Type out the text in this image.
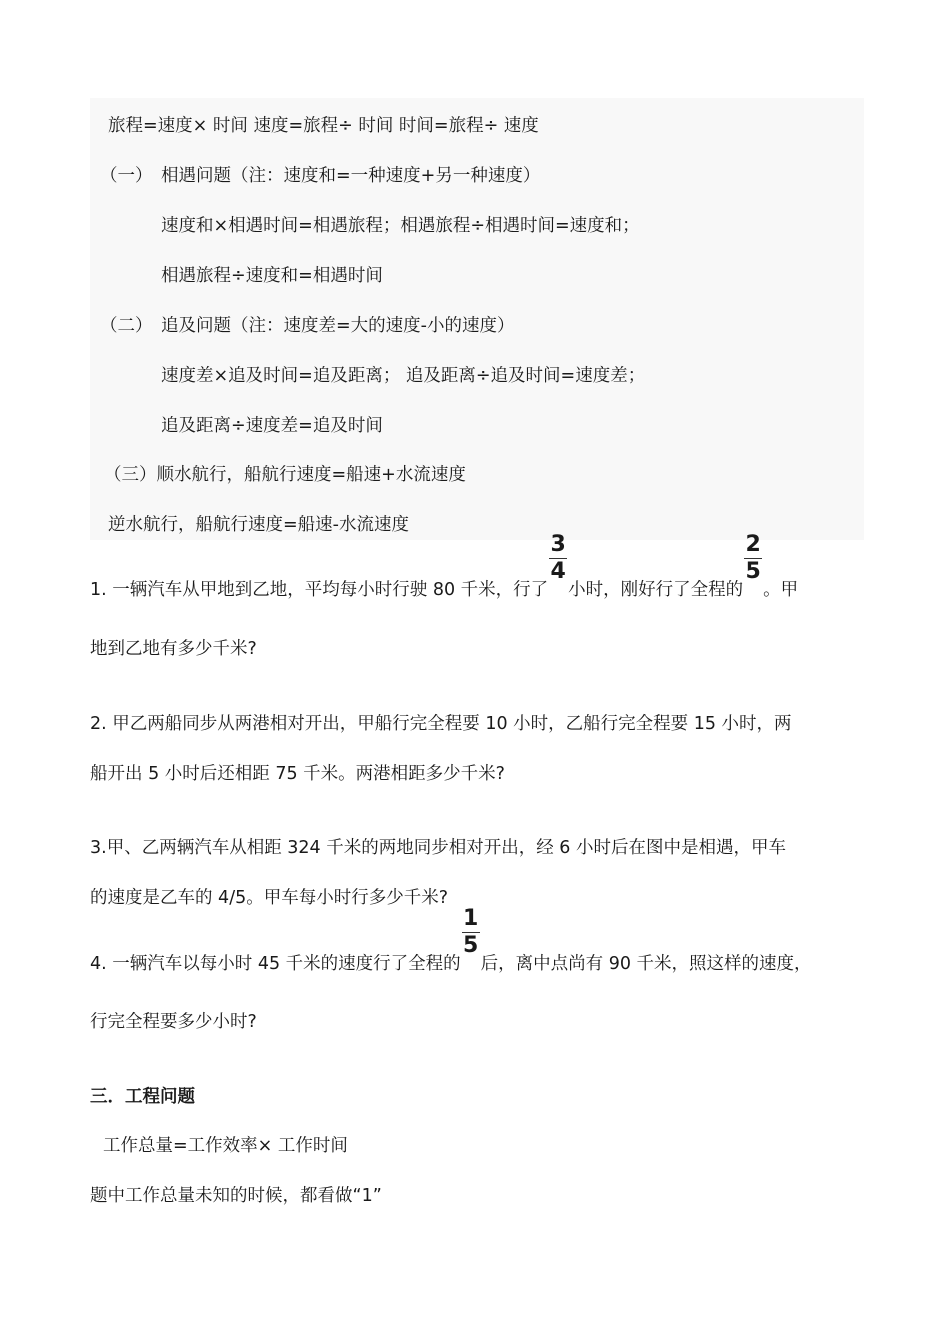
旅程=速度× 时间 速度=旅程÷ 时间 时间=旅程÷ 速度
（一） 相遇问题（注：速度和=一种速度+另一种速度）
速度和×相遇时间=相遇旅程；相遇旅程÷相遇时间=速度和；
相遇旅程÷速度和=相遇时间
（二） 追及问题（注：速度差=大的速度-小的速度）
速度差×追及时间=追及距离； 追及距离÷追及时间=速度差；
追及距离÷速度差=追及时间
（三）顺水航行，船航行速度=船速+水流速度
逆水航行，船航行速度=船速-水流速度
1. 一辆汽车从甲地到乙地，平均每小时行驶 80 千米，行了 $\frac{3}{4}$ 小时，刚好行了全程的 $\frac{2}{5}$ 。甲
地到乙地有多少千米?
2. 甲乙两船同步从两港相对开出，甲船行完全程要 10 小时，乙船行完全程要 15 小时，两
船开出 5 小时后还相距 75 千米。两港相距多少千米?
3.甲、乙两辆汽车从相距 324 千米的两地同步相对开出，经 6 小时后在图中是相遇，甲车
的速度是乙车的 4/5。甲车每小时行多少千米?
4. 一辆汽车以每小时 45 千米的速度行了全程的 $\frac{1}{5}$ 后，离中点尚有 90 千米，照这样的速度，
行完全程要多少小时?
三．工程问题
工作总量=工作效率× 工作时间
题中工作总量未知的时候，都看做“1”
